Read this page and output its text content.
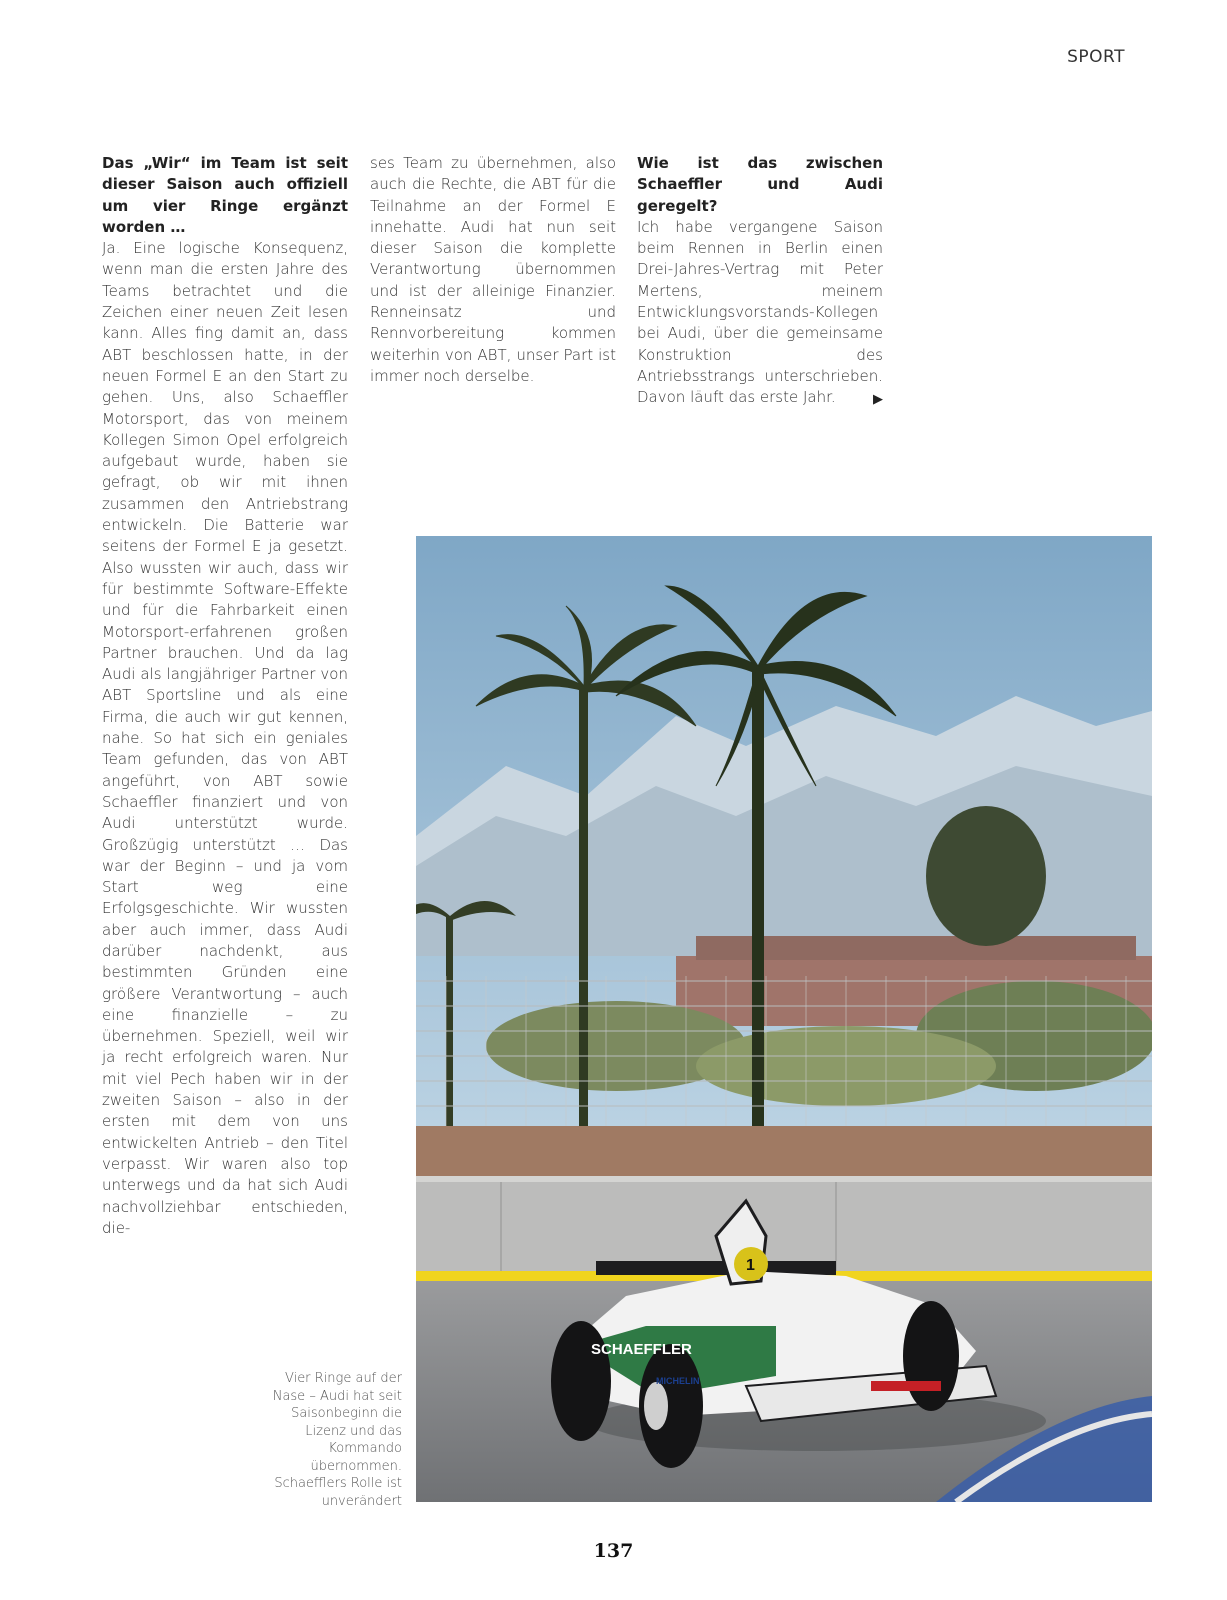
SPORT
Das „Wir“ im Team ist seit dieser Saison auch offiziell um vier Ringe ergänzt worden …
Ja. Eine logische Konsequenz, wenn man die ersten Jahre des Teams betrachtet und die Zeichen einer neuen Zeit lesen kann. Alles fing damit an, dass ABT beschlossen hatte, in der neuen Formel E an den Start zu gehen. Uns, also Schaeffler Motorsport, das von meinem Kollegen Simon Opel erfolgreich aufgebaut wurde, haben sie gefragt, ob wir mit ihnen zusammen den Antriebstrang entwickeln. Die Batterie war seitens der Formel E ja gesetzt. Also wussten wir auch, dass wir für bestimmte Software-Effekte und für die Fahrbarkeit einen Motorsport-erfahrenen großen Partner brauchen. Und da lag Audi als langjähriger Partner von ABT Sportsline und als eine Firma, die auch wir gut kennen, nahe. So hat sich ein geniales Team gefunden, das von ABT angeführt, von ABT sowie Schaeffler finanziert und von Audi unterstützt wurde. Großzügig unterstützt … Das war der Beginn – und ja vom Start weg eine Erfolgsgeschichte. Wir wussten aber auch immer, dass Audi darüber nachdenkt, aus bestimmten Gründen eine größere Verantwortung – auch eine finanzielle – zu übernehmen. Speziell, weil wir ja recht erfolgreich waren. Nur mit viel Pech haben wir in der zweiten Saison – also in der ersten mit dem von uns entwickelten Antrieb – den Titel verpasst. Wir waren also top unterwegs und da hat sich Audi nachvollziehbar entschieden, die-
ses Team zu übernehmen, also auch die Rechte, die ABT für die Teilnahme an der Formel E innehatte. Audi hat nun seit dieser Saison die komplette Verantwortung übernommen und ist der alleinige Finanzier. Renneinsatz und Rennvorbereitung kommen weiterhin von ABT, unser Part ist immer noch derselbe.
Wie ist das zwischen Schaeffler und Audi geregelt?
Ich habe vergangene Saison beim Rennen in Berlin einen Drei-Jahres-Vertrag mit Peter Mertens, meinem Entwicklungsvorstands-Kollegen bei Audi, über die gemeinsame Konstruktion des Antriebsstrangs unterschrieben. Davon läuft das erste Jahr.	▶
SCHAEFFLER
1
MICHELIN
Vier Ringe auf der Nase – Audi hat seit Saisonbeginn die Lizenz und das Kommando übernommen. Schaefflers Rolle ist unverändert
137
